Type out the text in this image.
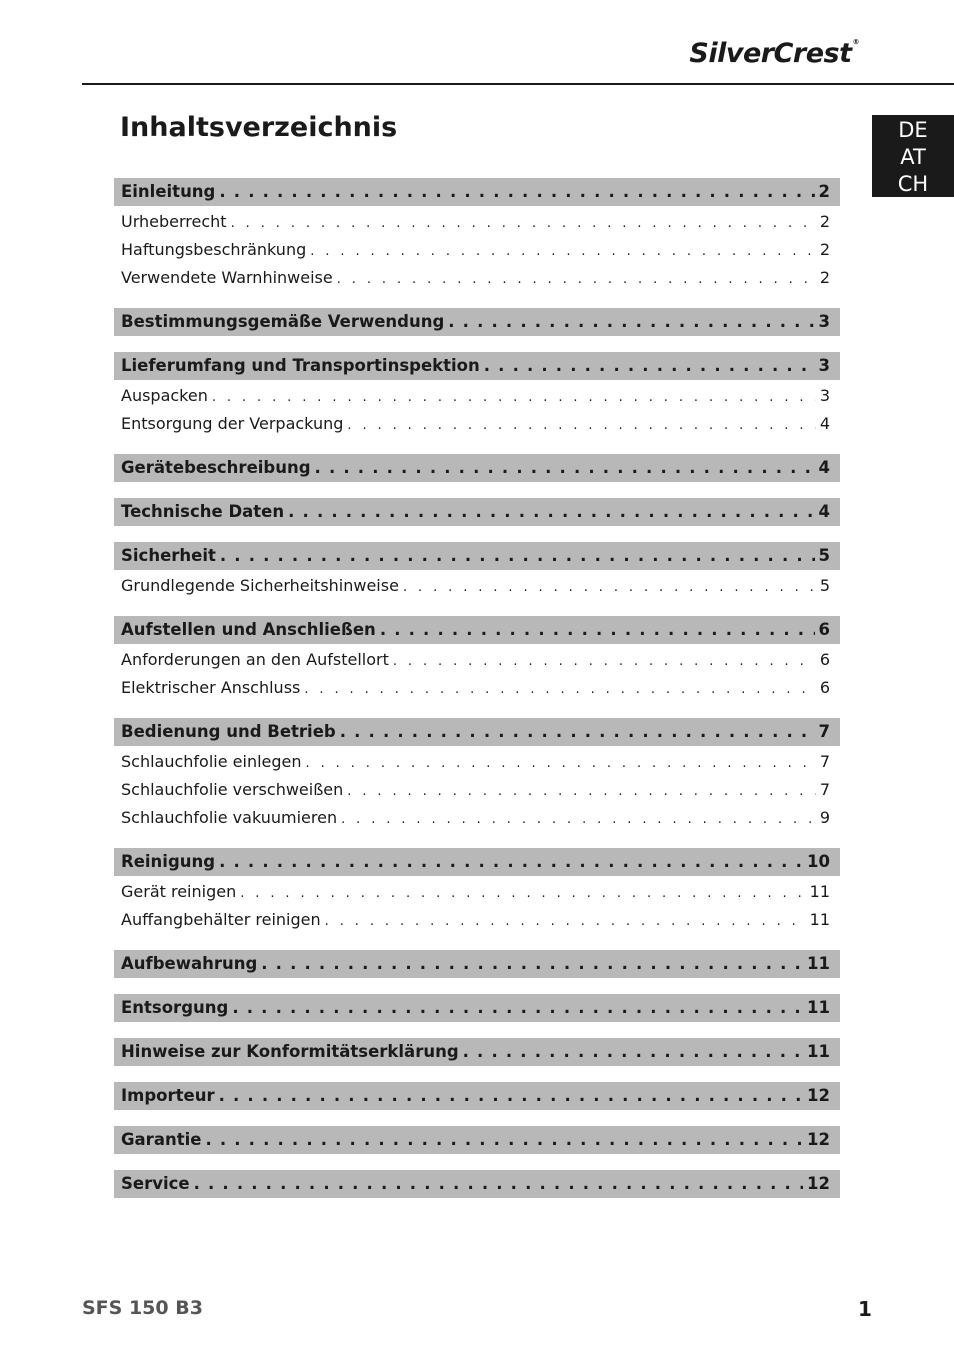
SilverCrest®
DE
AT
CH
Inhaltsverzeichnis
Einleitung . . .	2
Urheberrecht . . .	2
Haftungsbeschränkung . . .	2
Verwendete Warnhinweise . . .	2
Bestimmungsgemäße Verwendung . . .	3
Lieferumfang und Transportinspektion . . .	3
Auspacken . . .	3
Entsorgung der Verpackung . . .	4
Gerätebeschreibung . . .	4
Technische Daten . . .	4
Sicherheit . . .	5
Grundlegende Sicherheitshinweise . . .	5
Aufstellen und Anschließen . . .	6
Anforderungen an den Aufstellort . . .	6
Elektrischer Anschluss . . .	6
Bedienung und Betrieb . . .	7
Schlauchfolie einlegen . . .	7
Schlauchfolie verschweißen . . .	7
Schlauchfolie vakuumieren . . .	9
Reinigung . . .	10
Gerät reinigen . . .	11
Auffangbehälter reinigen . . .	11
Aufbewahrung . . .	11
Entsorgung . . .	11
Hinweise zur Konformitätserklärung . . .	11
Importeur . . .	12
Garantie . . .	12
Service . . .	12
SFS 150 B3	1
